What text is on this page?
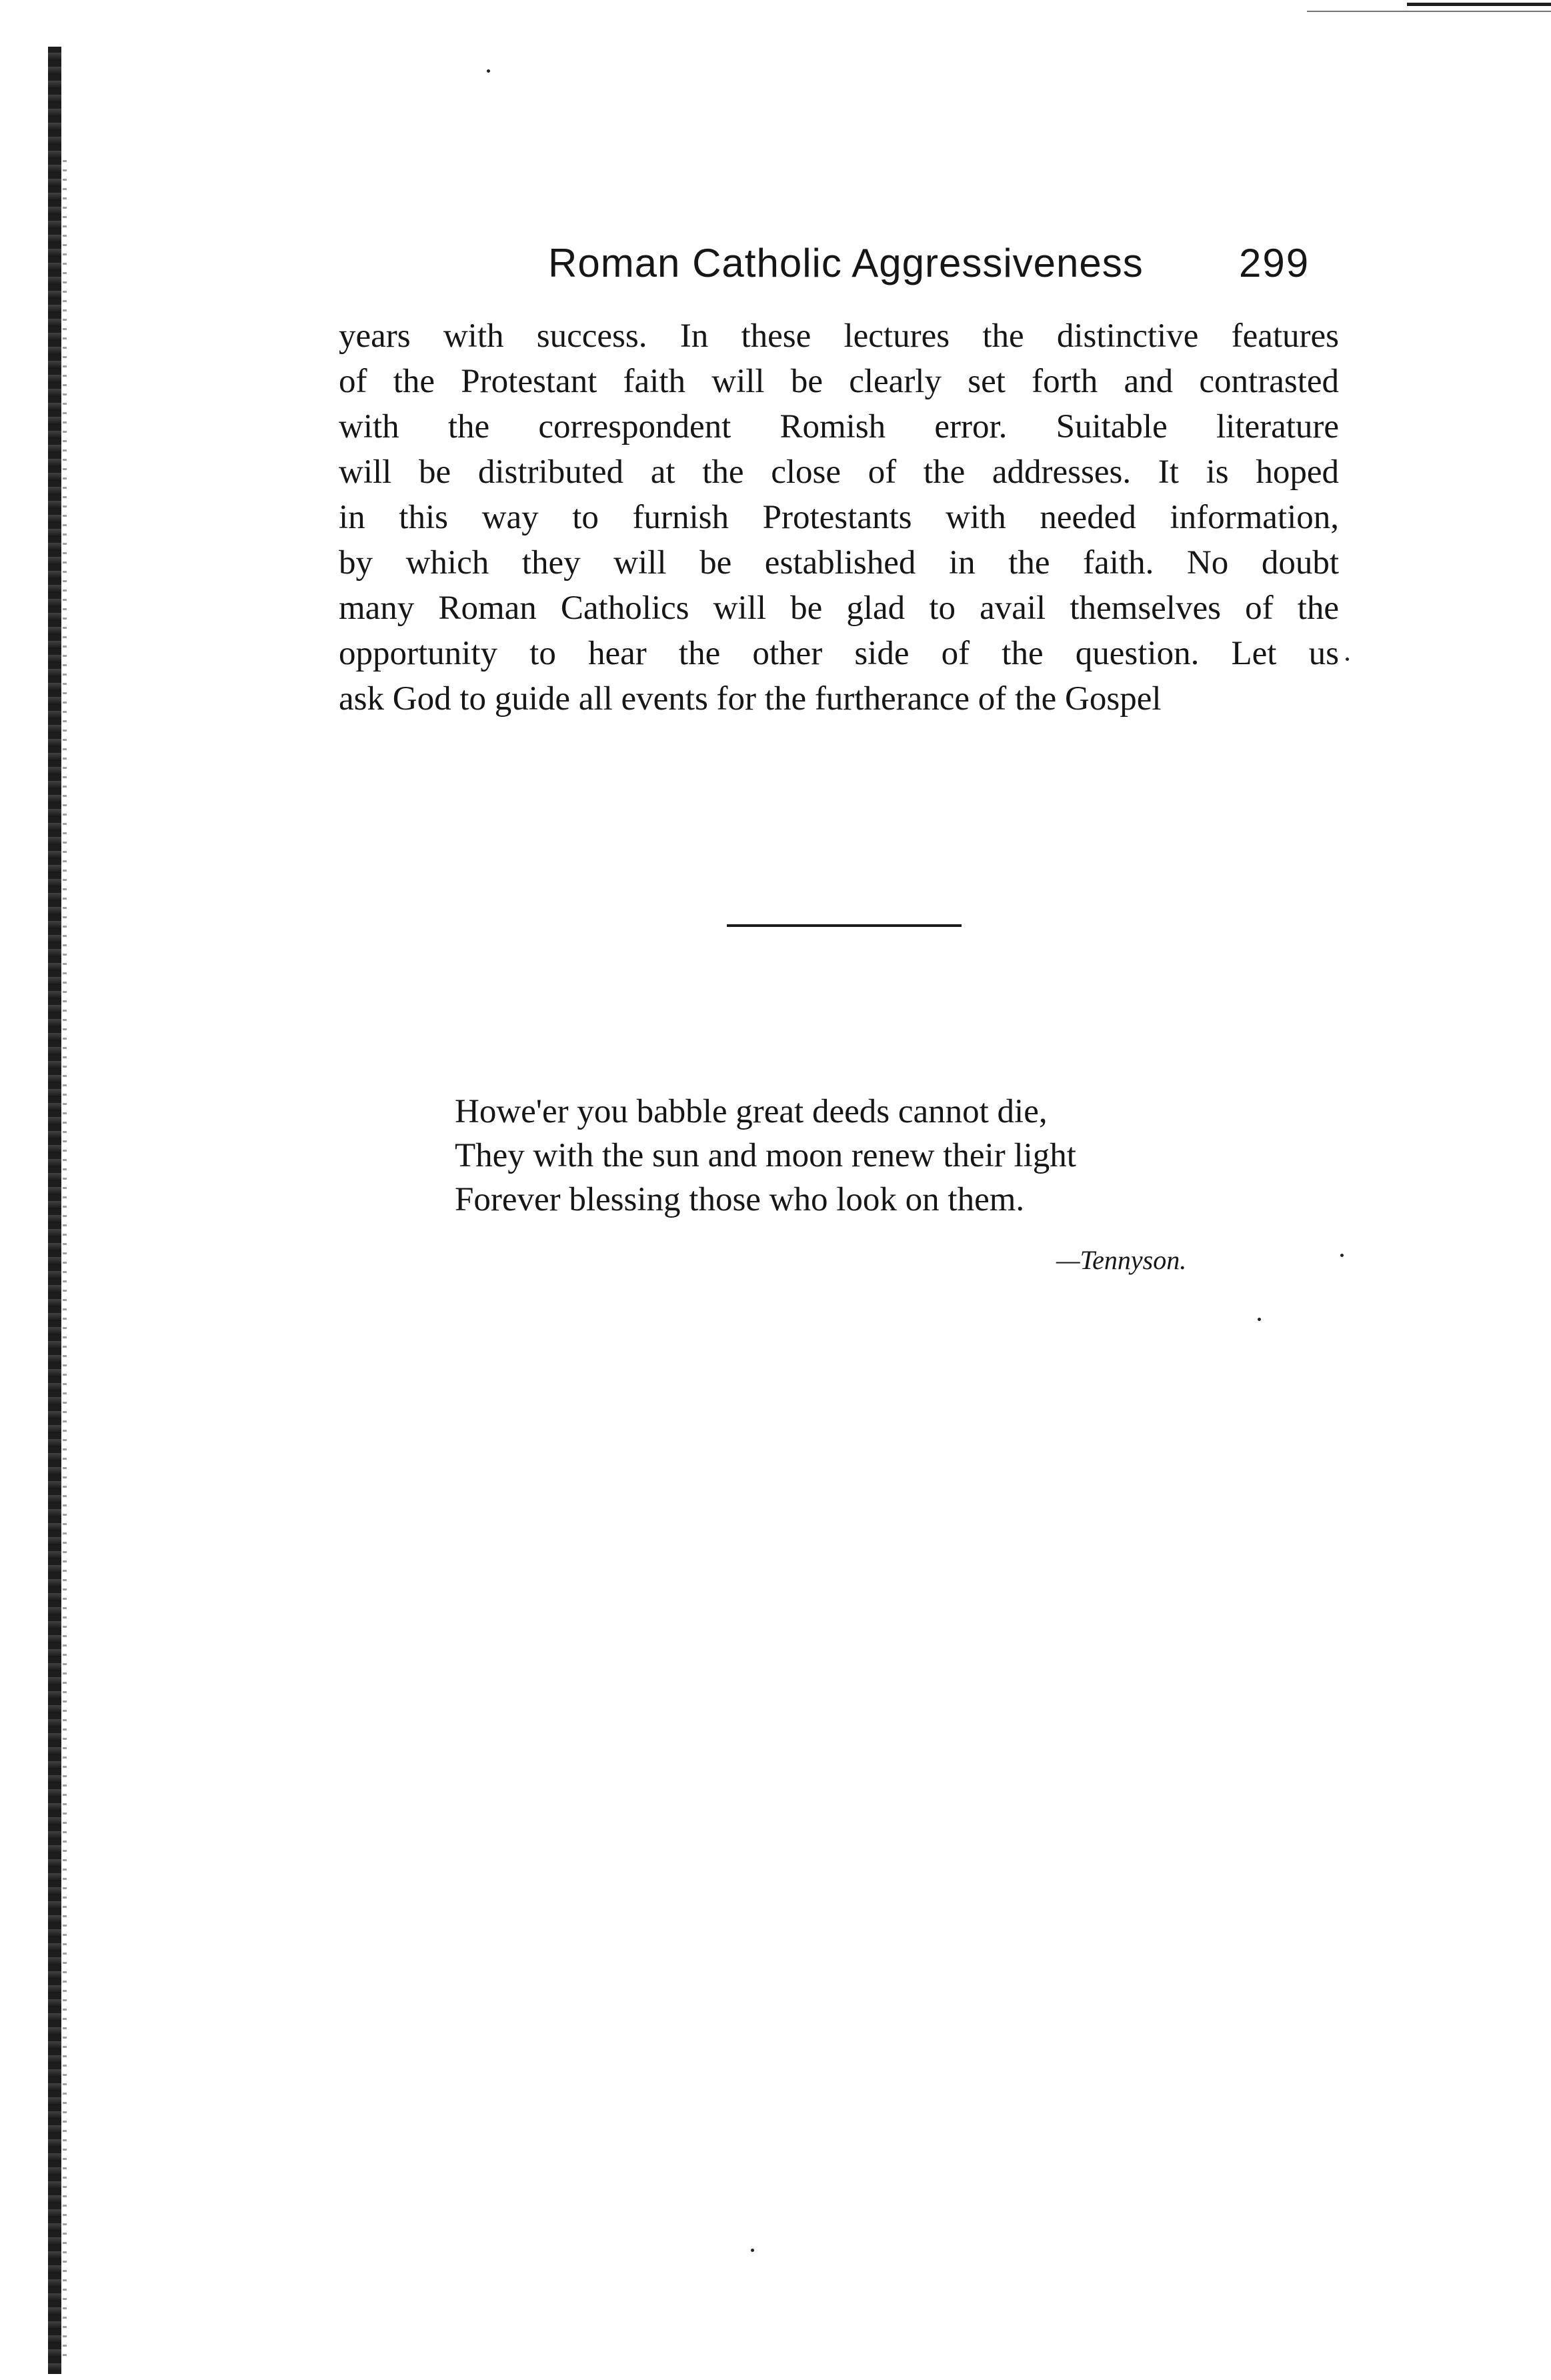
Roman Catholic Aggressiveness 299
years with success. In these lectures the distinctive features
of the Protestant faith will be clearly set forth and contrasted
with the correspondent Romish error. Suitable literature
will be distributed at the close of the addresses. It is hoped
in this way to furnish Protestants with needed information,
by which they will be established in the faith. No doubt
many Roman Catholics will be glad to avail themselves of the
opportunity to hear the other side of the question. Let us
ask God to guide all events for the furtherance of the Gospel
Howe'er you babble great deeds cannot die,
They with the sun and moon renew their light
Forever blessing those who look on them.
—Tennyson.
